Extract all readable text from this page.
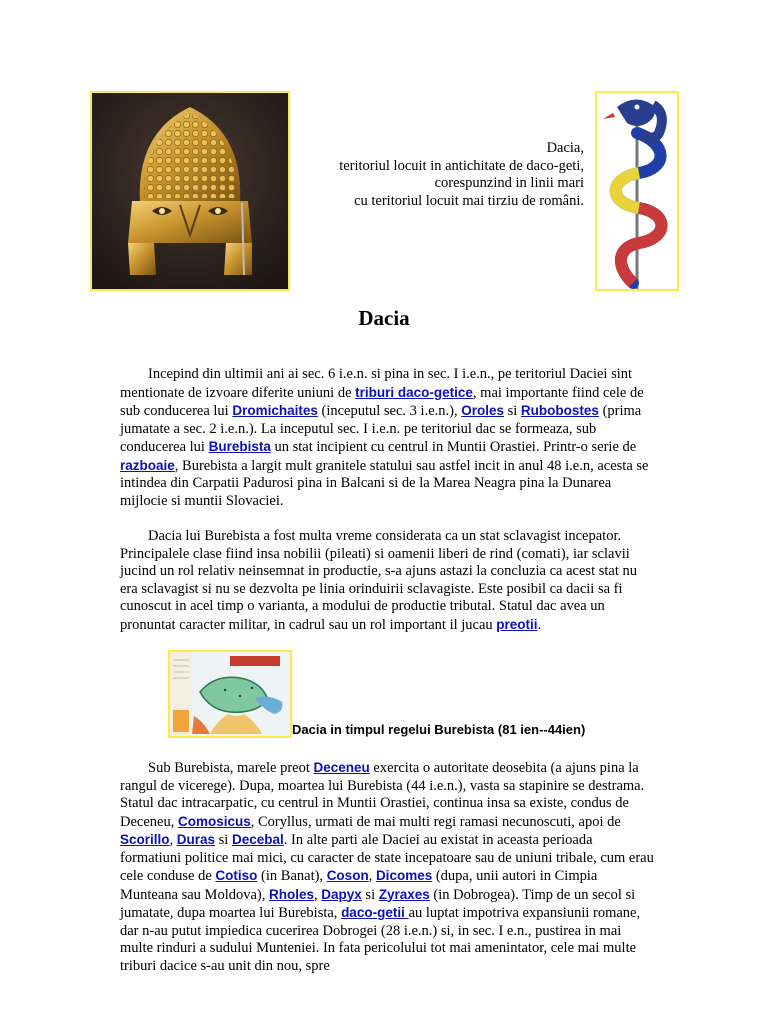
Dacia,
teritoriul locuit in antichitate de daco-geti,
corespunzind in linii mari
cu teritoriul locuit mai tirziu de români.
Dacia
Incepind din ultimii ani ai sec. 6 i.e.n. si pina in sec. I i.e.n., pe teritoriul Daciei sint mentionate de izvoare diferite uniuni de triburi daco-getice, mai importante fiind cele de sub conducerea lui Dromichaites (inceputul sec. 3 i.e.n.), Oroles si Rubobostes (prima jumatate a sec. 2 i.e.n.). La inceputul sec. I i.e.n. pe teritoriul dac se formeaza, sub conducerea lui Burebista un stat incipient cu centrul in Muntii Orastiei. Printr-o serie de razboaie, Burebista a largit mult granitele statului sau astfel incit in anul 48 i.e.n, acesta se intindea din Carpatii Padurosi pina in Balcani si de la Marea Neagra pina la Dunarea mijlocie si muntii Slovaciei.
Dacia lui Burebista a fost multa vreme considerata ca un stat sclavagist incepator. Principalele clase fiind insa nobilii (pileati) si oamenii liberi de rind (comati), iar sclavii jucind un rol relativ neinsemnat in productie, s-a ajuns astazi la concluzia ca acest stat nu era sclavagist si nu se dezvolta pe linia orinduirii sclavagiste. Este posibil ca dacii sa fi cunoscut in acel timp o varianta, a modului de productie tributal. Statul dac avea un pronuntat caracter militar, in cadrul sau un rol important il jucau preotii.
Dacia in timpul regelui Burebista (81 ien--44ien)
Sub Burebista, marele preot Deceneu exercita o autoritate deosebita (a ajuns pina la rangul de vicerege). Dupa, moartea lui Burebista (44 i.e.n.), vasta sa stapinire se destrama. Statul dac intracarpatic, cu centrul in Muntii Orastiei, continua insa sa existe, condus de Deceneu, Comosicus, Coryllus, urmati de mai multi regi ramasi necunoscuti, apoi de Scorillo, Duras si Decebal. In alte parti ale Daciei au existat in aceasta perioada formatiuni politice mai mici, cu caracter de state incepatoare sau de uniuni tribale, cum erau cele conduse de Cotiso (in Banat), Coson, Dicomes (dupa, unii autori in Cimpia Munteana sau Moldova), Rholes, Dapyx si Zyraxes (in Dobrogea). Timp de un secol si jumatate, dupa moartea lui Burebista, daco-getii au luptat impotriva expansiunii romane, dar n-au putut impiedica cucerirea Dobrogei (28 i.e.n.) si, in sec. I e.n., pustirea in mai multe rinduri a sudului Munteniei. In fata pericolului tot mai amenintator, cele mai multe triburi dacice s-au unit din nou, spre
